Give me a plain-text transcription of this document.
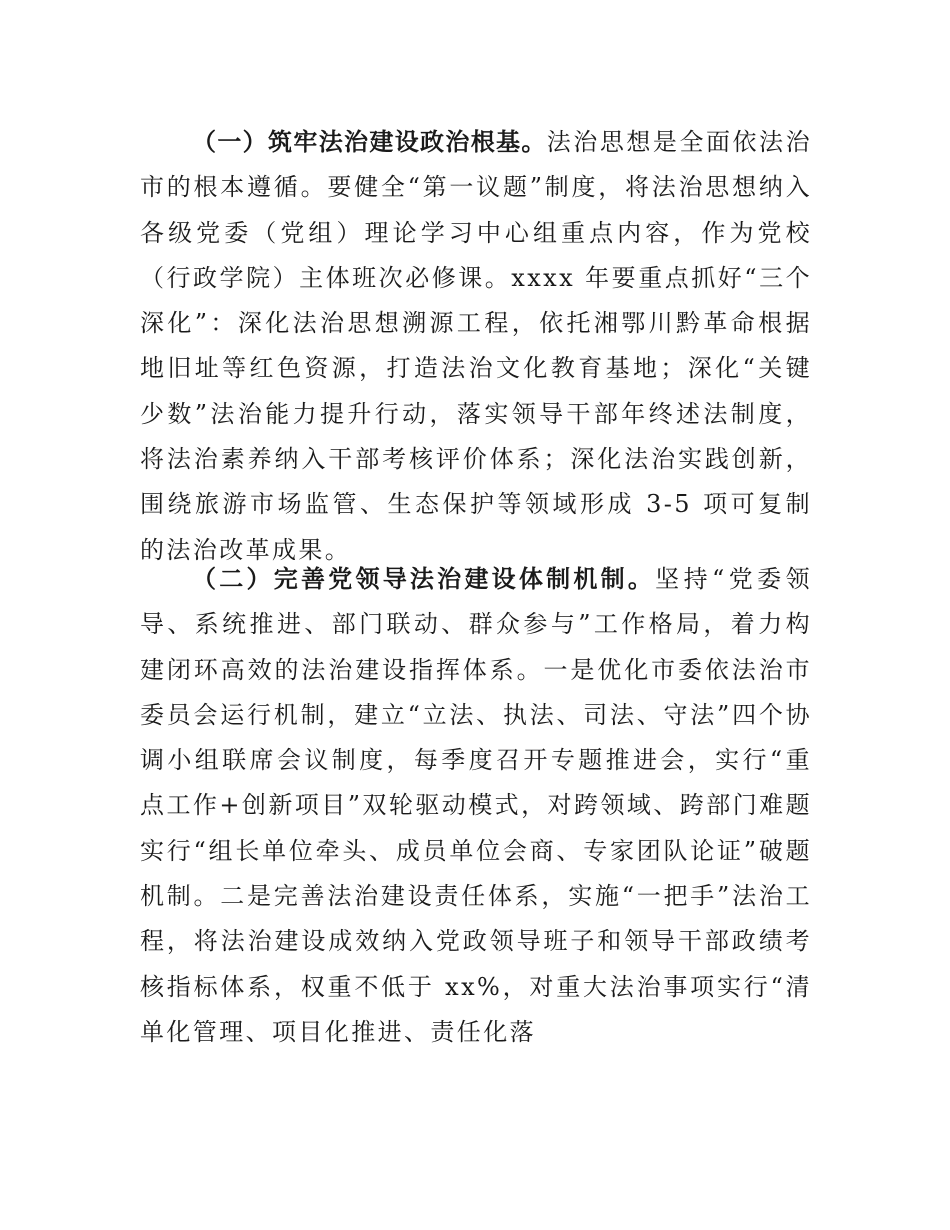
（一）筑牢法治建设政治根基。法治思想是全面依法治市的根本遵循。要健全“第一议题”制度，将法治思想纳入各级党委（党组）理论学习中心组重点内容，作为党校（行政学院）主体班次必修课。xxxx 年要重点抓好“三个深化”：深化法治思想溯源工程，依托湘鄂川黔革命根据地旧址等红色资源，打造法治文化教育基地；深化“关键少数”法治能力提升行动，落实领导干部年终述法制度，将法治素养纳入干部考核评价体系；深化法治实践创新，围绕旅游市场监管、生态保护等领域形成 3-5 项可复制的法治改革成果。

（二）完善党领导法治建设体制机制。坚持“党委领导、系统推进、部门联动、群众参与”工作格局，着力构建闭环高效的法治建设指挥体系。一是优化市委依法治市委员会运行机制，建立“立法、执法、司法、守法”四个协调小组联席会议制度，每季度召开专题推进会，实行“重点工作+创新项目”双轮驱动模式，对跨领域、跨部门难题实行“组长单位牵头、成员单位会商、专家团队论证”破题机制。二是完善法治建设责任体系，实施“一把手”法治工程，将法治建设成效纳入党政领导班子和领导干部政绩考核指标体系，权重不低于 xx%，对重大法治事项实行“清单化管理、项目化推进、责任化落
